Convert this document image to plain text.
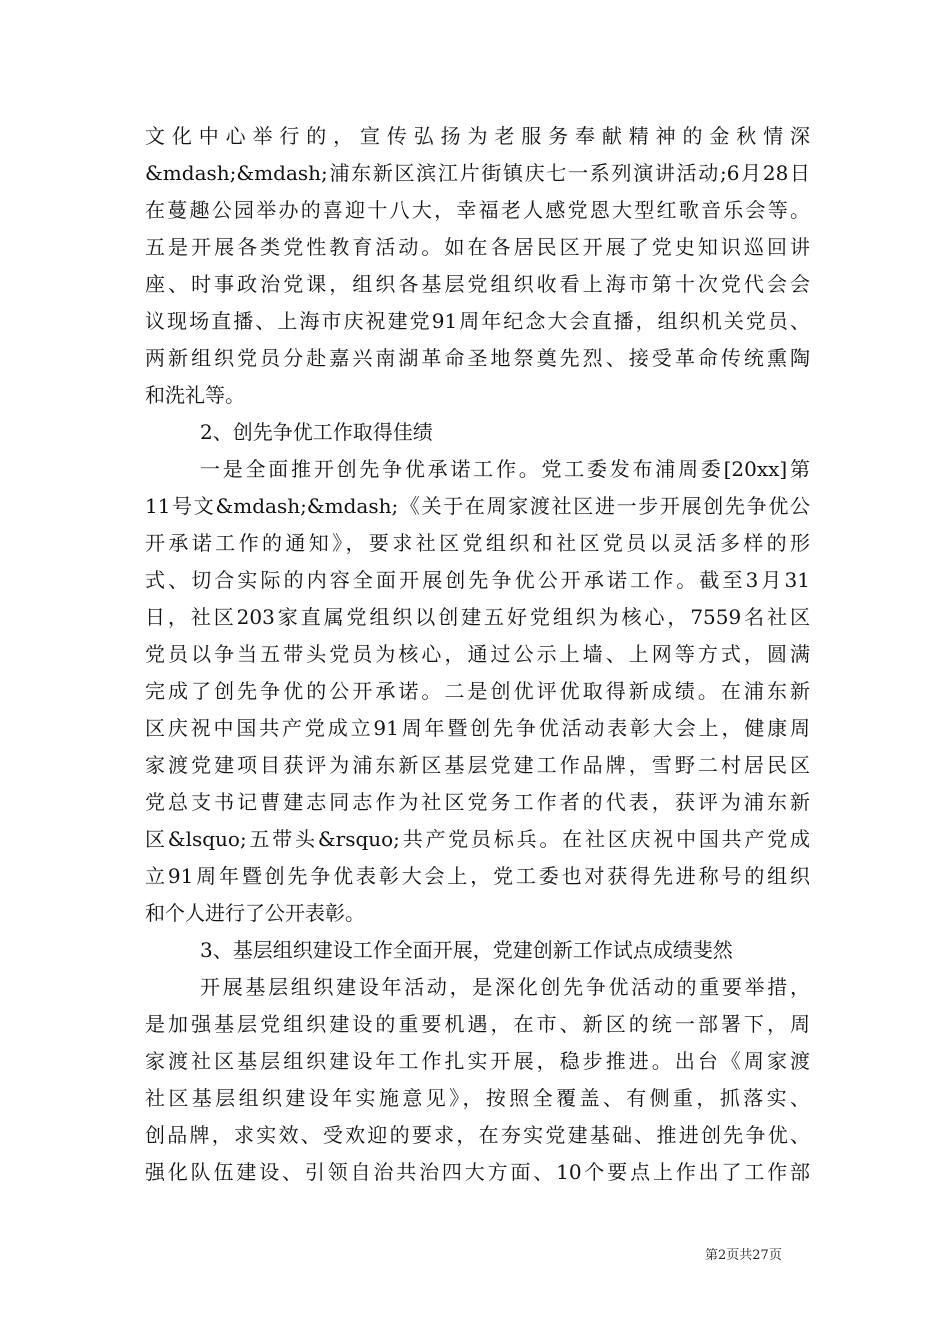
文化中心举行的，宣传弘扬为老服务奉献精神的金秋情深
&mdash;&mdash;浦东新区滨江片街镇庆七一系列演讲活动;6月28日
在蔓趣公园举办的喜迎十八大，幸福老人感党恩大型红歌音乐会等。
五是开展各类党性教育活动。如在各居民区开展了党史知识巡回讲
座、时事政治党课，组织各基层党组织收看上海市第十次党代会会
议现场直播、上海市庆祝建党91周年纪念大会直播，组织机关党员、
两新组织党员分赴嘉兴南湖革命圣地祭奠先烈、接受革命传统熏陶
和洗礼等。
2、创先争优工作取得佳绩
一是全面推开创先争优承诺工作。党工委发布浦周委[20xx]第
11号文&mdash;&mdash;《关于在周家渡社区进一步开展创先争优公
开承诺工作的通知》，要求社区党组织和社区党员以灵活多样的形
式、切合实际的内容全面开展创先争优公开承诺工作。截至3月31
日，社区203家直属党组织以创建五好党组织为核心，7559名社区
党员以争当五带头党员为核心，通过公示上墙、上网等方式，圆满
完成了创先争优的公开承诺。二是创优评优取得新成绩。在浦东新
区庆祝中国共产党成立91周年暨创先争优活动表彰大会上，健康周
家渡党建项目获评为浦东新区基层党建工作品牌，雪野二村居民区
党总支书记曹建志同志作为社区党务工作者的代表，获评为浦东新
区&lsquo;五带头&rsquo;共产党员标兵。在社区庆祝中国共产党成
立91周年暨创先争优表彰大会上，党工委也对获得先进称号的组织
和个人进行了公开表彰。
3、基层组织建设工作全面开展，党建创新工作试点成绩斐然
开展基层组织建设年活动，是深化创先争优活动的重要举措，
是加强基层党组织建设的重要机遇，在市、新区的统一部署下，周
家渡社区基层组织建设年工作扎实开展，稳步推进。出台《周家渡
社区基层组织建设年实施意见》，按照全覆盖、有侧重，抓落实、
创品牌，求实效、受欢迎的要求，在夯实党建基础、推进创先争优、
强化队伍建设、引领自治共治四大方面、10个要点上作出了工作部
第2页共27页
